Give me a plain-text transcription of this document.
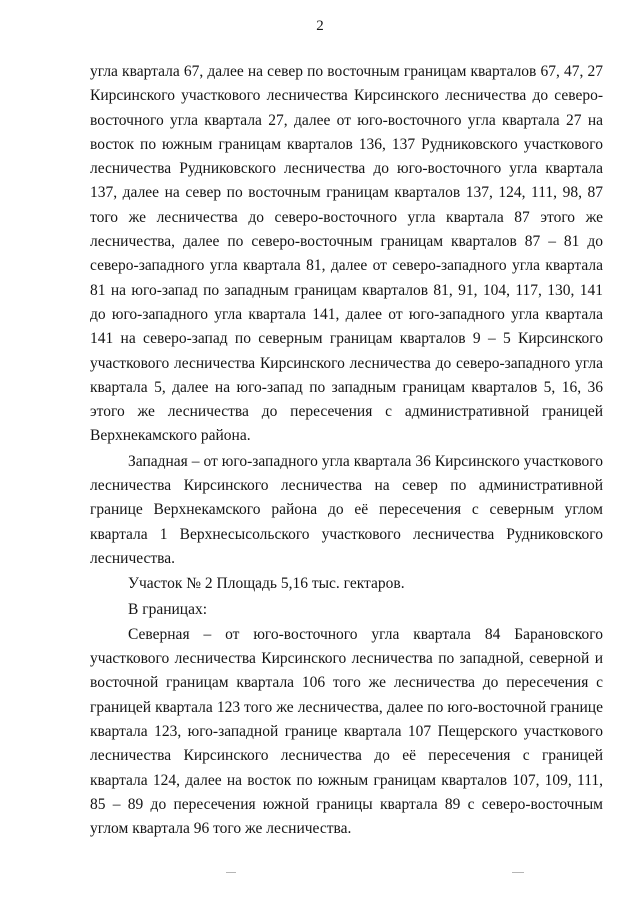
2

угла квартала 67, далее на север по восточным границам кварталов 67, 47, 27 Кирсинского участкового лесничества Кирсинского лесничества до северо-восточного угла квартала 27, далее от юго-восточного угла квартала 27 на восток по южным границам кварталов 136, 137 Рудниковского участкового лесничества Рудниковского лесничества до юго-восточного угла квартала 137, далее на север по восточным границам кварталов 137, 124, 111, 98, 87 того же лесничества до северо-восточного угла квартала 87 этого же лесничества, далее по северо-восточным границам кварталов 87 – 81 до северо-западного угла квартала 81, далее от северо-западного угла квартала 81 на юго-запад по западным границам кварталов 81, 91, 104, 117, 130, 141 до юго-западного угла квартала 141, далее от юго-западного угла квартала 141 на северо-запад по северным границам кварталов 9 – 5 Кирсинского участкового лесничества Кирсинского лесничества до северо-западного угла квартала 5, далее на юго-запад по западным границам кварталов 5, 16, 36 этого же лесничества до пересечения с административной границей Верхнекамского района.

Западная – от юго-западного угла квартала 36 Кирсинского участкового лесничества Кирсинского лесничества на север по административной границе Верхнекамского района до её пересечения с северным углом квартала 1 Верхнесысольского участкового лесничества Рудниковского лесничества.

Участок № 2 Площадь 5,16 тыс. гектаров.

В границах:

Северная – от юго-восточного угла квартала 84 Барановского участкового лесничества Кирсинского лесничества по западной, северной и восточной границам квартала 106 того же лесничества до пересечения с границей квартала 123 того же лесничества, далее по юго-восточной границе квартала 123, юго-западной границе квартала 107 Пещерского участкового лесничества Кирсинского лесничества до её пересечения с границей квартала 124, далее на восток по южным границам кварталов 107, 109, 111, 85 – 89 до пересечения южной границы квартала 89 с северо-восточным углом квартала 96 того же лесничества.
